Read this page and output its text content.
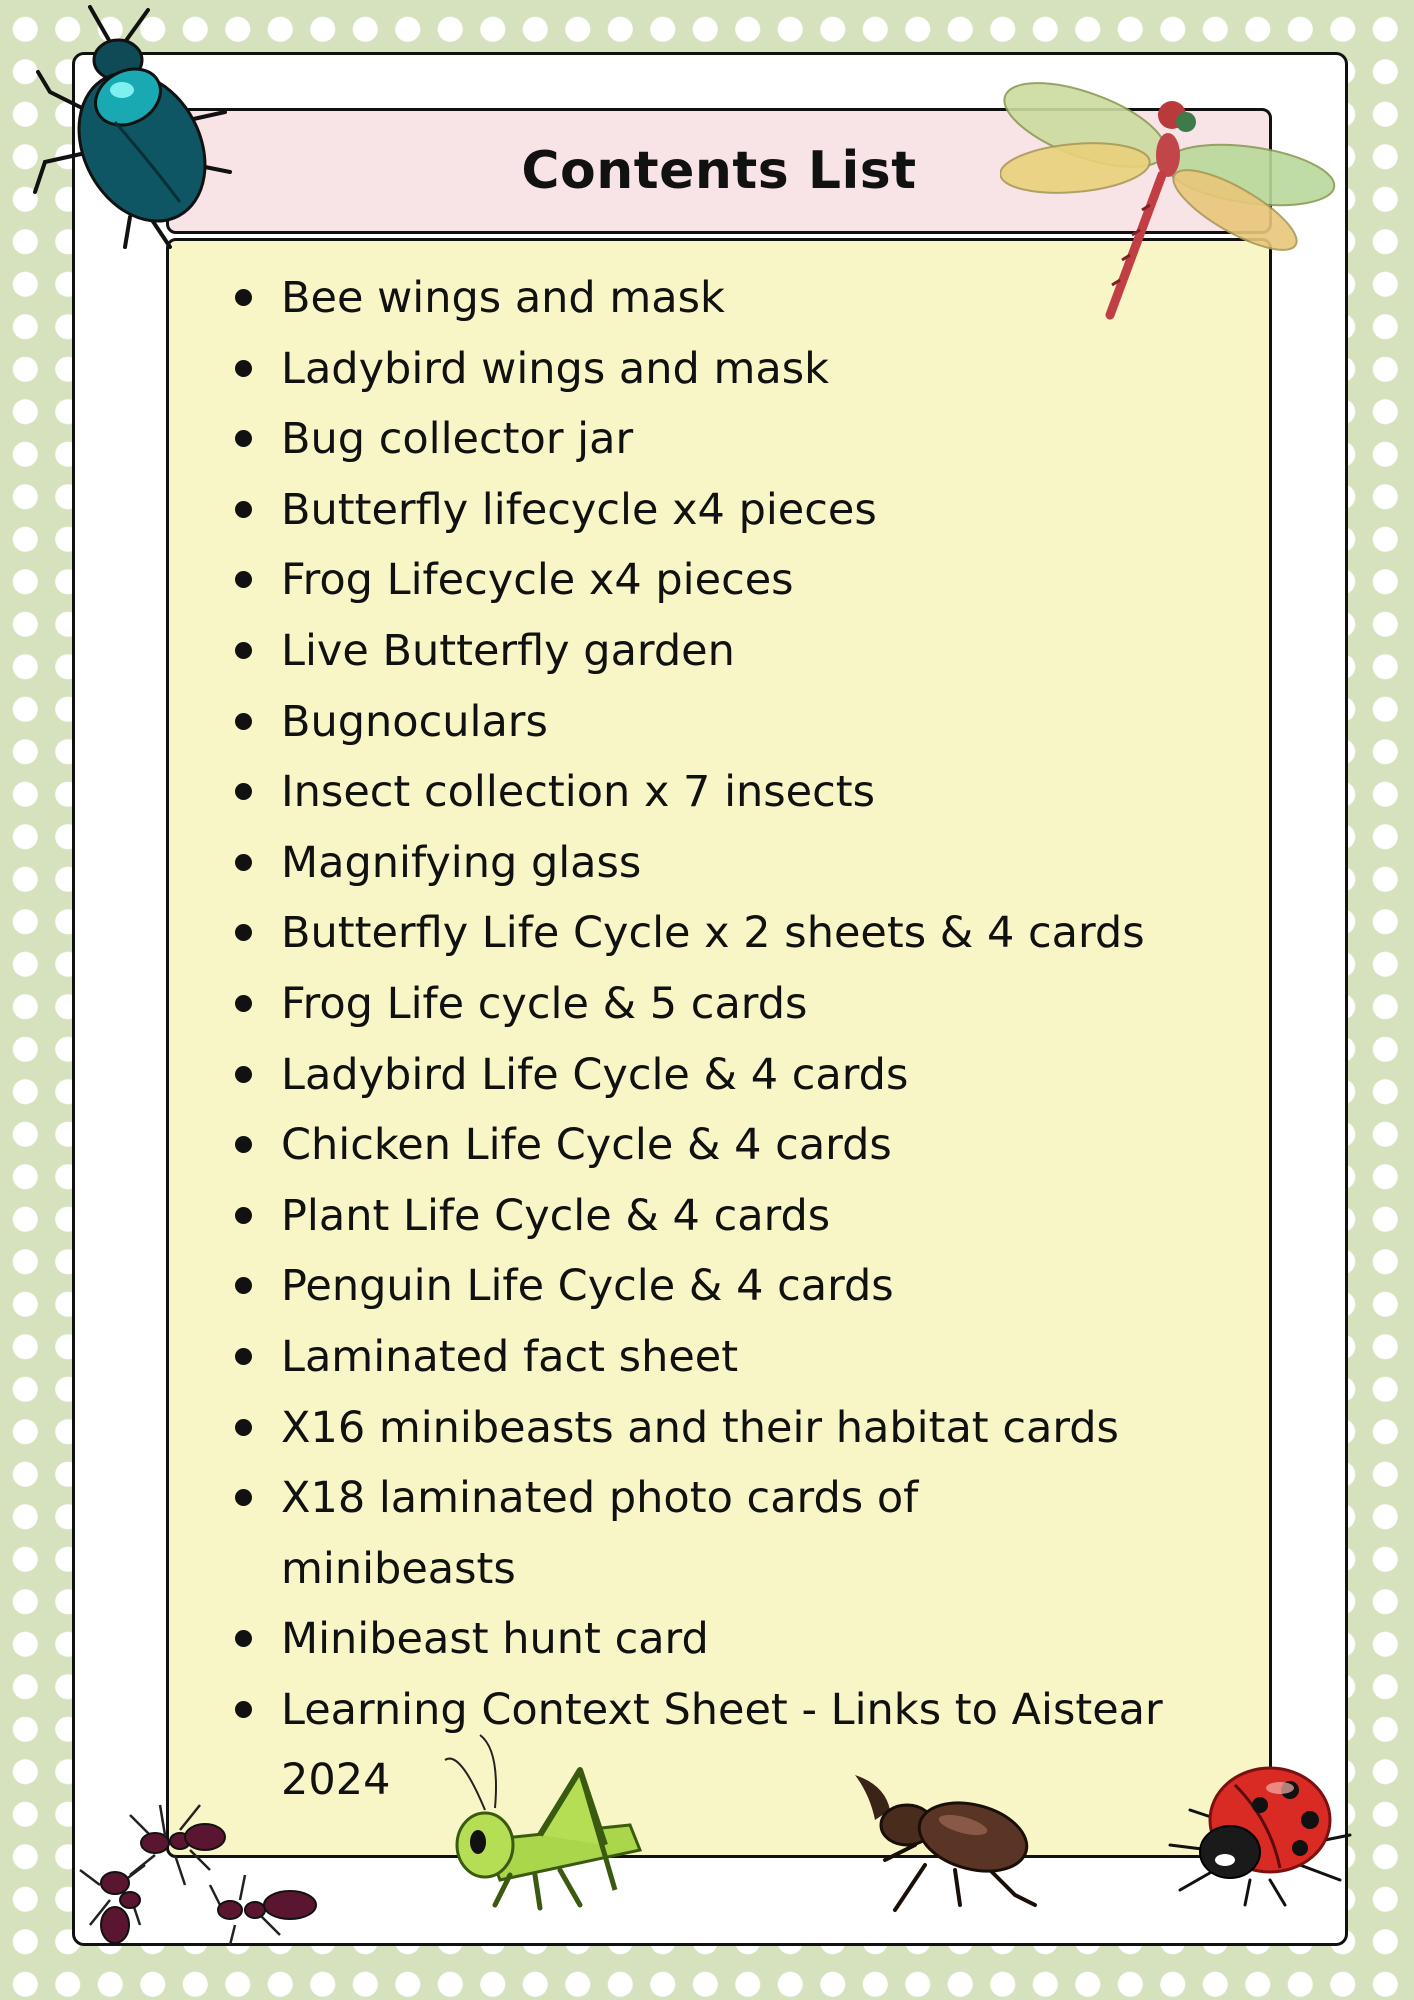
Contents List
Bee wings and mask
Ladybird wings and mask
Bug collector jar
Butterfly lifecycle x4 pieces
Frog Lifecycle x4 pieces
Live Butterfly garden
Bugnoculars
Insect collection x 7 insects
Magnifying glass
Butterfly Life Cycle x 2 sheets & 4 cards
Frog Life cycle & 5 cards
Ladybird Life Cycle & 4 cards
Chicken Life Cycle & 4 cards
Plant Life Cycle & 4 cards
Penguin Life Cycle & 4 cards
Laminated fact sheet
X16 minibeasts and their habitat cards
X18 laminated photo cards of minibeasts
Minibeast hunt card
Learning Context Sheet - Links to Aistear 2024
